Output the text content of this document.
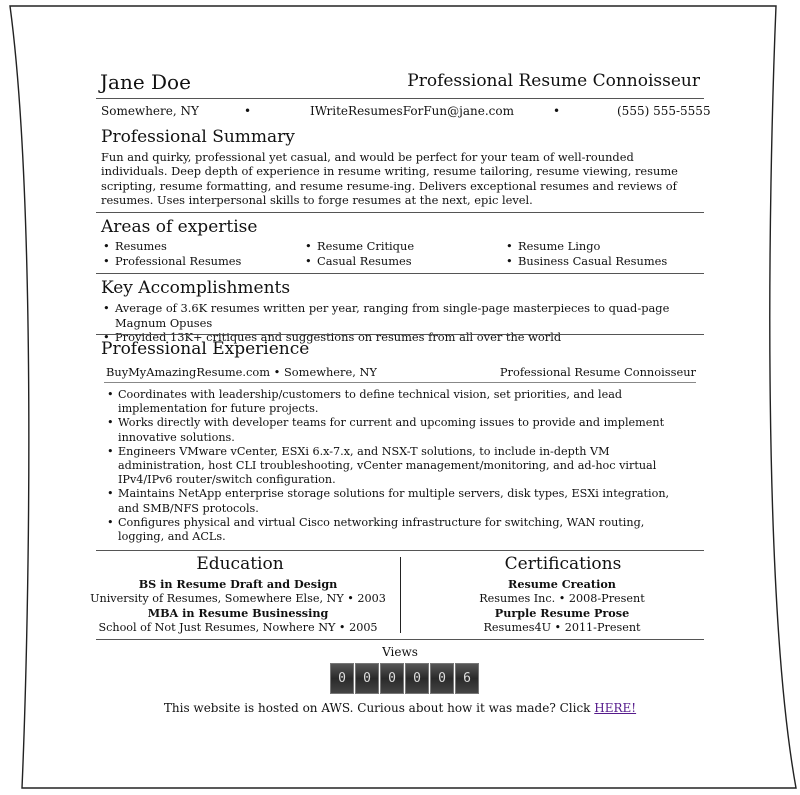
Jane Doe	Professional Resume Connoisseur
Somewhere, NY	•	IWriteResumesForFun@jane.com	•	(555) 555-5555
Professional Summary

Fun and quirky, professional yet casual, and would be perfect for your team of well-rounded individuals. Deep depth of experience in resume writing, resume tailoring, resume viewing, resume scripting, resume formatting, and resume resume-ing. Delivers exceptional resumes and reviews of resumes. Uses interpersonal skills to forge resumes at the next, epic level.

Areas of expertise
• Resumes
• Professional Resumes
• Resume Critique
• Casual Resumes
• Resume Lingo
• Business Casual Resumes
Key Accomplishments
• Average of 3.6K resumes written per year, ranging from single-page masterpieces to quad-page Magnum Opuses
• Provided 13K+ critiques and suggestions on resumes from all over the world
Professional Experience
BuyMyAmazingResume.com • Somewhere, NY	Professional Resume Connoisseur
• Coordinates with leadership/customers to define technical vision, set priorities, and lead implementation for future projects.
• Works directly with developer teams for current and upcoming issues to provide and implement innovative solutions.
• Engineers VMware vCenter, ESXi 6.x-7.x, and NSX-T solutions, to include in-depth VM administration, host CLI troubleshooting, vCenter management/monitoring, and ad-hoc virtual IPv4/IPv6 router/switch configuration.
• Maintains NetApp enterprise storage solutions for multiple servers, disk types, ESXi integration, and SMB/NFS protocols.
• Configures physical and virtual Cisco networking infrastructure for switching, WAN routing, logging, and ACLs.
Education
BS in Resume Draft and Design
University of Resumes, Somewhere Else, NY • 2003
MBA in Resume Businessing
School of Not Just Resumes, Nowhere NY • 2005
Certifications
Resume Creation
Resumes Inc. • 2008-Present
Purple Resume Prose
Resumes4U • 2011-Present
Views
0	0	0	0	0	6
This website is hosted on AWS. Curious about how it was made? Click HERE!
